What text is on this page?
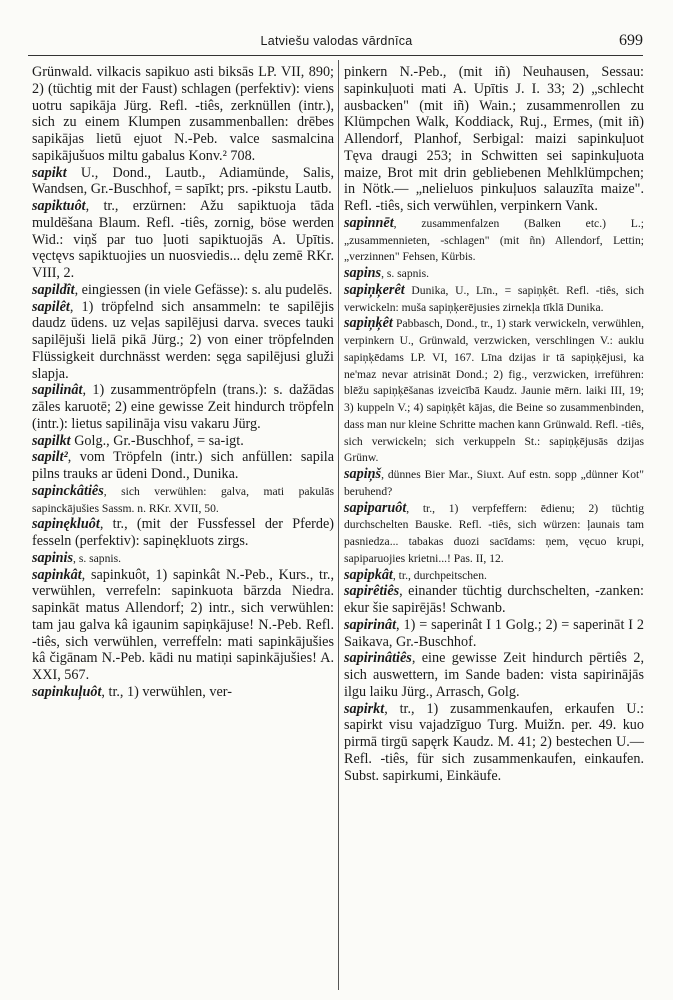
Latviešu valodas vārdnīca	699

Grünwald. vilkacis sapikuo asti biksās LP. VII, 890; 2) (tüchtig mit der Faust) schlagen (perfektiv): viens uotru sapikāja Jürg. Refl. -tiês, zerknüllen (intr.), sich zu einem Klumpen zusammenballen: drēbes sapikājas lietū ejuot N.-Peb. valce sasmalcina sapikājušuos miltu gabalus Konv.² 708.

sapikt U., Dond., Lautb., Adiamünde, Salis, Wandsen, Gr.-Buschhof, = sapīkt; prs. -pikstu Lautb.

sapiktuôt, tr., erzürnen: Ažu sapiktuoja tāda muldēšana Blaum. Refl. -tiês, zornig, böse werden Wid.: viņš par tuo ļuoti sapiktuojās A. Upītis. vęctęvs sapiktuojies un nuosviedis... dęlu zemē RKr. VIII, 2.

sapildît, eingiessen (in viele Gefässe): s. alu pudelēs.

sapilêt, 1) tröpfelnd sich ansammeln: te sapilējis daudz ūdens. uz veļas sapilējusi darva. sveces tauki sapilējuši lielā pikā Jürg.; 2) von einer tröpfelnden Flüssigkeit durchnässt werden: sęga sapilējusi gluži slapja.

sapilinât, 1) zusammentröpfeln (trans.): s. dažādas zāles karuotē; 2) eine gewisse Zeit hindurch tröpfeln (intr.): lietus sapilināja visu vakaru Jürg.

sapilkt Golg., Gr.-Buschhof, = sa-igt.

sapilt², vom Tröpfeln (intr.) sich anfüllen: sapila pilns trauks ar ūdeni Dond., Dunika.

sapinckâtiês, sich verwühlen: galva, mati pakulās sapinckājušies Sassm. n. RKr. XVII, 50.

sapinękluôt, tr., (mit der Fussfessel der Pferde) fesseln (perfektiv): sapinękluots zirgs.

sapinis, s. sapnis.

sapinkât, sapinkuôt, 1) sapinkât N.-Peb., Kurs., tr., verwühlen, verrefeln: sapinkuota bārzda Niedra. sapinkāt matus Allendorf; 2) intr., sich verwühlen: tam jau galva kâ igaunim sapiņkājuse! N.-Peb. Refl. -tiês, sich verwühlen, verreffeln: mati sapinkājušies kâ čigānam N.-Peb. kādi nu matiņi sapinkājušies! A. XXI, 567.

sapinkuļuôt, tr., 1) verwühlen, ver-

pinkern N.-Peb., (mit iñ) Neuhausen, Sessau: sapinkuļuoti mati A. Upītis J. I. 33; 2) „schlecht ausbacken" (mit iñ) Wain.; zusammenrollen zu Klümpchen Walk, Koddiack, Ruj., Ermes, (mit iñ) Allendorf, Planhof, Serbigal: maizi sapinkuļuot Tęva draugi 253; in Schwitten sei sapinkuļuota maize, Brot mit drin gebliebenen Mehlklümpchen; in Nötk.— „nelieluos pinkuļuos salauzīta maize". Refl. -tiês, sich verwühlen, verpinkern Vank.

sapinnēt, zusammenfalzen (Balken etc.) L.; „zusammennieten, -schlagen" (mit ñn) Allendorf, Lettin; „verzinnen" Fehsen, Kürbis.

sapins, s. sapnis.

sapiņķerêt Dunika, U., Līn., = sapiņķêt. Refl. -tiês, sich verwickeln: muša sapiņķerējusies zirnekļa tīklā Dunika.

sapiņķêt Pabbasch, Dond., tr., 1) stark verwickeln, verwühlen, verpinkern U., Grünwald, verzwicken, verschlingen V.: auklu sapiņķēdams LP. VI, 167. Līna dzijas ir tā sapiņķējusi, ka ne'maz nevar atrisināt Dond.; 2) fig., verzwicken, irreführen: blēžu sapiņķēšanas izveicībā Kaudz. Jaunie mērn. laiki III, 19; 3) kuppeln V.; 4) sapiņķêt kājas, die Beine so zusammenbinden, dass man nur kleine Schritte machen kann Grünwald. Refl. -tiês, sich verwickeln; sich verkuppeln St.: sapiņķējusās dzijas Grünw.

sapiņš, dünnes Bier Mar., Siuxt. Auf estn. sopp „dünner Kot" beruhend?

sapiparuôt, tr., 1) verpfeffern: ēdienu; 2) tüchtig durchschelten Bauske. Refl. -tiês, sich würzen: ļaunais tam pasniedza... tabakas duozi sacīdams: ņem, vęcuo krupi, sapiparuojies krietni...! Pas. II, 12.

sapipkât, tr., durchpeitschen.

sapirêtiês, einander tüchtig durchschelten, -zanken: ekur šie sapirējās! Schwanb.

sapirinât, 1) = saperinât I 1 Golg.; 2) = saperināt I 2 Saikava, Gr.-Buschhof.

sapirinâtiês, eine gewisse Zeit hindurch pērtiês 2, sich auswettern, im Sande baden: vista sapirinājās ilgu laiku Jürg., Arrasch, Golg.

sapirkt, tr., 1) zusammenkaufen, erkaufen U.: sapirkt visu vajadzīguo Turg. Muižn. per. 49. kuo pirmā tirgū sapęrk Kaudz. M. 41; 2) bestechen U.— Refl. -tiês, für sich zusammenkaufen, einkaufen. Subst. sapirkumi, Einkäufe.
